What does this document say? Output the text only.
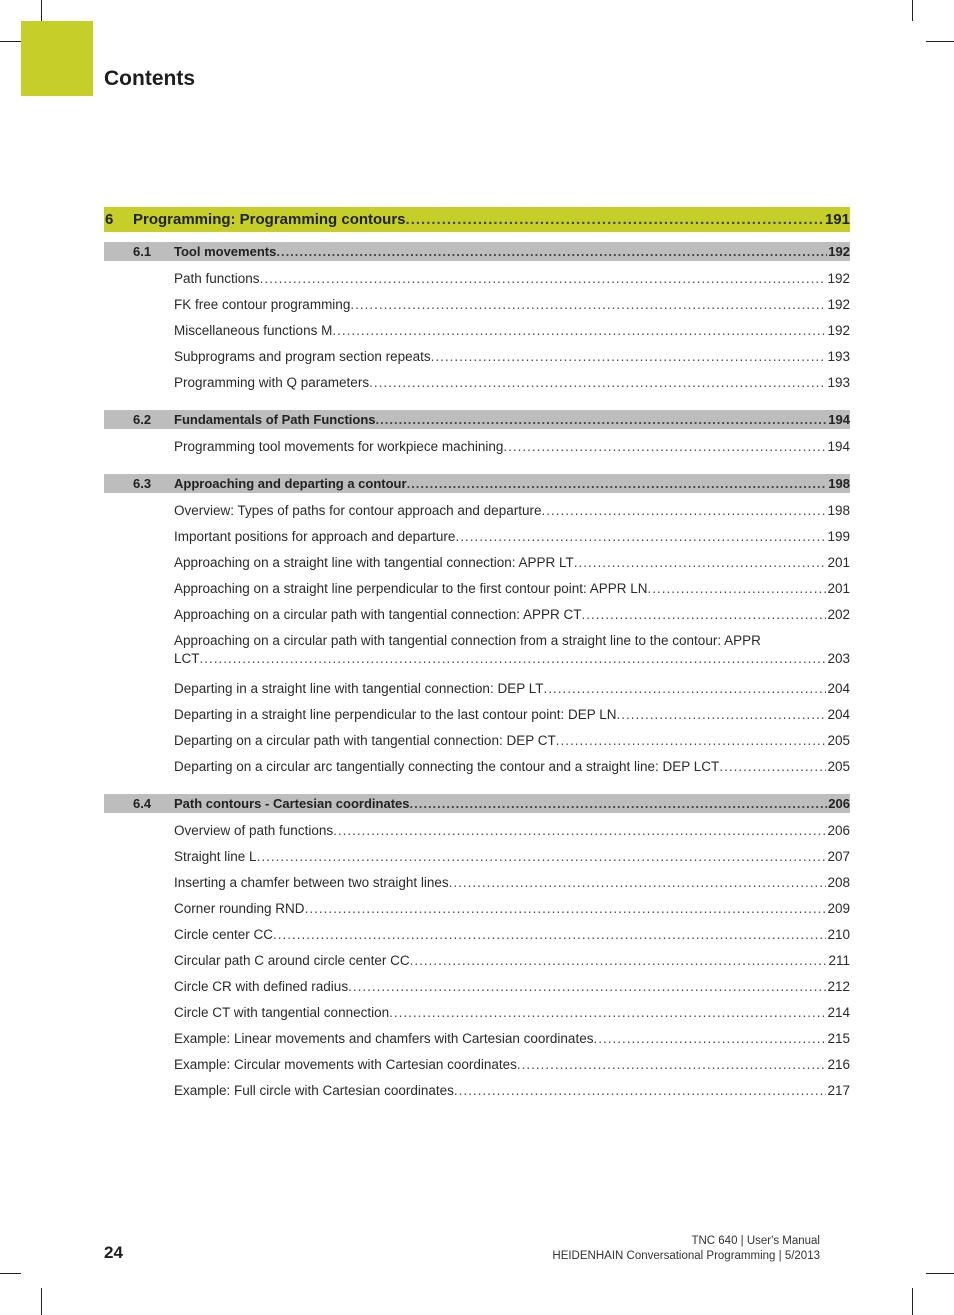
Contents
6	Programming: Programming contours .....	191
6.1	Tool movements .....	192
Path functions .....	192
FK free contour programming .....	192
Miscellaneous functions M .....	192
Subprograms and program section repeats .....	193
Programming with Q parameters .....	193
6.2	Fundamentals of Path Functions .....	194
Programming tool movements for workpiece machining .....	194
6.3	Approaching and departing a contour .....	198
Overview: Types of paths for contour approach and departure .....	198
Important positions for approach and departure .....	199
Approaching on a straight line with tangential connection: APPR LT .....	201
Approaching on a straight line perpendicular to the first contour point: APPR LN .....	201
Approaching on a circular path with tangential connection: APPR CT .....	202
Approaching on a circular path with tangential connection from a straight line to the contour: APPR
LCT .....	203
Departing in a straight line with tangential connection: DEP LT .....	204
Departing in a straight line perpendicular to the last contour point: DEP LN .....	204
Departing on a circular path with tangential connection: DEP CT .....	205
Departing on a circular arc tangentially connecting the contour and a straight line: DEP LCT .....	205
6.4	Path contours - Cartesian coordinates .....	206
Overview of path functions .....	206
Straight line L .....	207
Inserting a chamfer between two straight lines .....	208
Corner rounding RND .....	209
Circle center CC .....	210
Circular path C around circle center CC .....	211
Circle CR with defined radius .....	212
Circle CT with tangential connection .....	214
Example: Linear movements and chamfers with Cartesian coordinates .....	215
Example: Circular movements with Cartesian coordinates .....	216
Example: Full circle with Cartesian coordinates .....	217
24
TNC 640 | User's Manual
HEIDENHAIN Conversational Programming | 5/2013
